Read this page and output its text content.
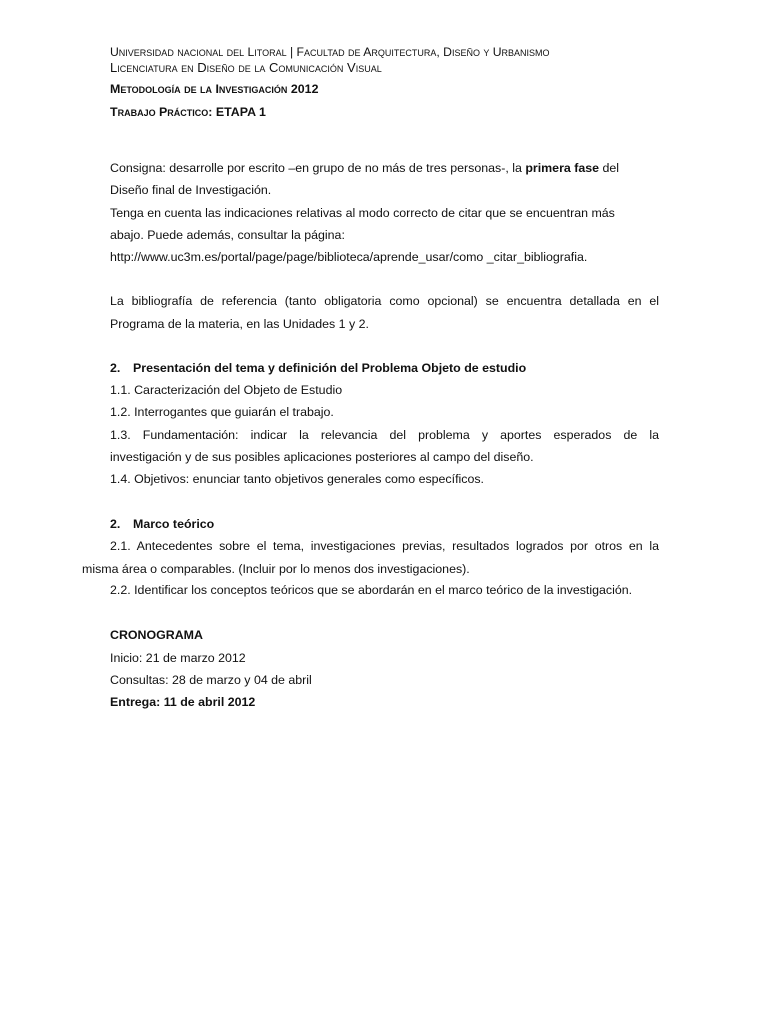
Universidad nacional del Litoral | Facultad de Arquitectura, Diseño y Urbanismo
Licenciatura en Diseño de la Comunicación Visual
Metodología de la Investigación 2012
Trabajo Práctico: ETAPA 1
Consigna: desarrolle por escrito –en grupo de no más de tres personas-, la primera fase del
Diseño final de Investigación.
Tenga en cuenta las indicaciones relativas al modo correcto de citar que se encuentran más
abajo. Puede además, consultar la página:
http://www.uc3m.es/portal/page/page/biblioteca/aprende_usar/como _citar_bibliografia.
La bibliografía de referencia (tanto obligatoria como opcional) se encuentra detallada en el
Programa de la materia, en las Unidades 1 y 2.
2. Presentación del tema y definición del Problema Objeto de estudio
1.1. Caracterización del Objeto de Estudio
1.2. Interrogantes que guiarán el trabajo.
1.3. Fundamentación: indicar la relevancia del problema y aportes esperados de la
investigación y de sus posibles aplicaciones posteriores al campo del diseño.
1.4. Objetivos: enunciar tanto objetivos generales como específicos.
2. Marco teórico
2.1. Antecedentes sobre el tema, investigaciones previas, resultados logrados por otros en la
misma área o comparables. (Incluir por lo menos dos investigaciones).
2.2. Identificar los conceptos teóricos que se abordarán en el marco teórico de la investigación.
CRONOGRAMA
Inicio: 21 de marzo 2012
Consultas: 28 de marzo y 04 de abril
Entrega: 11 de abril 2012
